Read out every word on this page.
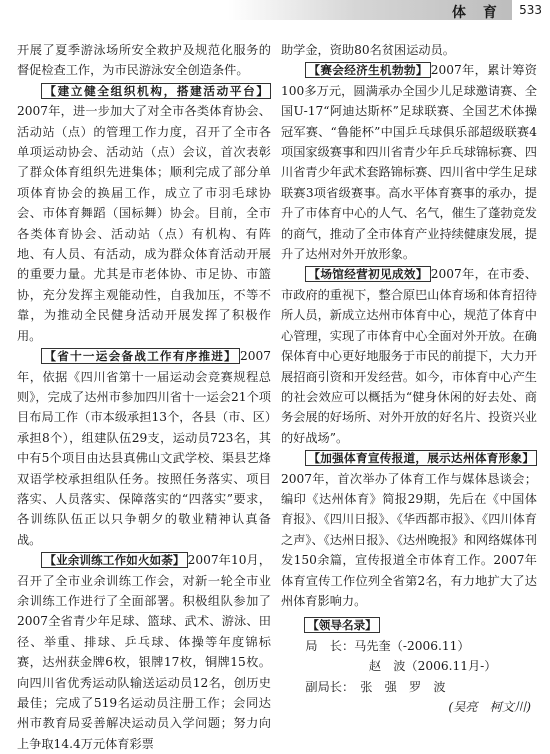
体 育 533

开展了夏季游泳场所安全救护及规范化服务的督促检查工作，为市民游泳安全创造条件。

【建立健全组织机构，搭建活动平台】2007年，进一步加大了对全市各类体育协会、活动站（点）的管理工作力度，召开了全市各单项运动协会、活动站（点）会议，首次表彰了群众体育组织先进集体；顺利完成了部分单项体育协会的换届工作，成立了市羽毛球协会、市体育舞蹈（国标舞）协会。目前，全市各类体育协会、活动站（点）有机构、有阵地、有人员、有活动，成为群众体育活动开展的重要力量。尤其是市老体协、市足协、市篮协，充分发挥主观能动性，自我加压，不等不靠，为推动全民健身活动开展发挥了积极作用。

【省十一运会备战工作有序推进】 2007年，依据《四川省第十一届运动会竞赛规程总则》，完成了达州市参加四川省十一运会21个项目布局工作（市本级承担13个，各县（市、区）承担8个），组建队伍29支，运动员723名，其中有5个项目由达县真佛山文武学校、渠县艺烽双语学校承担组队任务。按照任务落实、项目落实、人员落实、保障落实的“四落实”要求，各训练队伍正以只争朝夕的敬业精神认真备战。

【业余训练工作如火如荼】 2007年10月，召开了全市业余训练工作会，对新一轮全市业余训练工作进行了全面部署。积极组队参加了2007全省青少年足球、篮球、武术、游泳、田径、举重、排球、乒乓球、体操等年度锦标赛，达州获金牌6枚，银牌17枚，铜牌15枚。向四川省优秀运动队输送运动员12名，创历史最佳；完成了519名运动员注册工作；会同达州市教育局妥善解决运动员入学问题；努力向上争取14.4万元体育彩票

助学金，资助80名贫困运动员。

【赛会经济生机勃勃】 2007年，累计筹资100多万元，圆满承办全国少儿足球邀请赛、全国U-17“阿迪达斯杯”足球联赛、全国艺术体操冠军赛、“鲁能杯”中国乒乓球俱乐部超级联赛4项国家级赛事和四川省青少年乒乓球锦标赛、四川省青少年武术套路锦标赛、四川省中学生足球联赛3项省级赛事。高水平体育赛事的承办，提升了市体育中心的人气、名气，催生了蓬勃竞发的商气，推动了全市体育产业持续健康发展，提升了达州对外开放形象。

【场馆经营初见成效】 2007年，在市委、市政府的重视下，整合原巴山体育场和体育招待所人员，新成立达州市体育中心，规范了体育中心管理，实现了市体育中心全面对外开放。在确保体育中心更好地服务于市民的前提下，大力开展招商引资和开发经营。如今，市体育中心产生的社会效应可以概括为“健身休闲的好去处、商务会展的好场所、对外开放的好名片、投资兴业的好战场”。

【加强体育宣传报道，展示达州体育形象】2007年，首次举办了体育工作与媒体恳谈会；编印《达州体育》简报29期，先后在《中国体育报》、《四川日报》、《华西都市报》、《四川体育之声》、《达州日报》、《达州晚报》和网络媒体刊发150余篇，宣传报道全市体育工作。2007年体育宣传工作位列全省第2名，有力地扩大了达州体育影响力。

【领导名录】
局　长：马先奎（-2006.11）
赵　波（2006.11月-）
副局长：　张　强　罗　波
(吴亮　柯文川)
